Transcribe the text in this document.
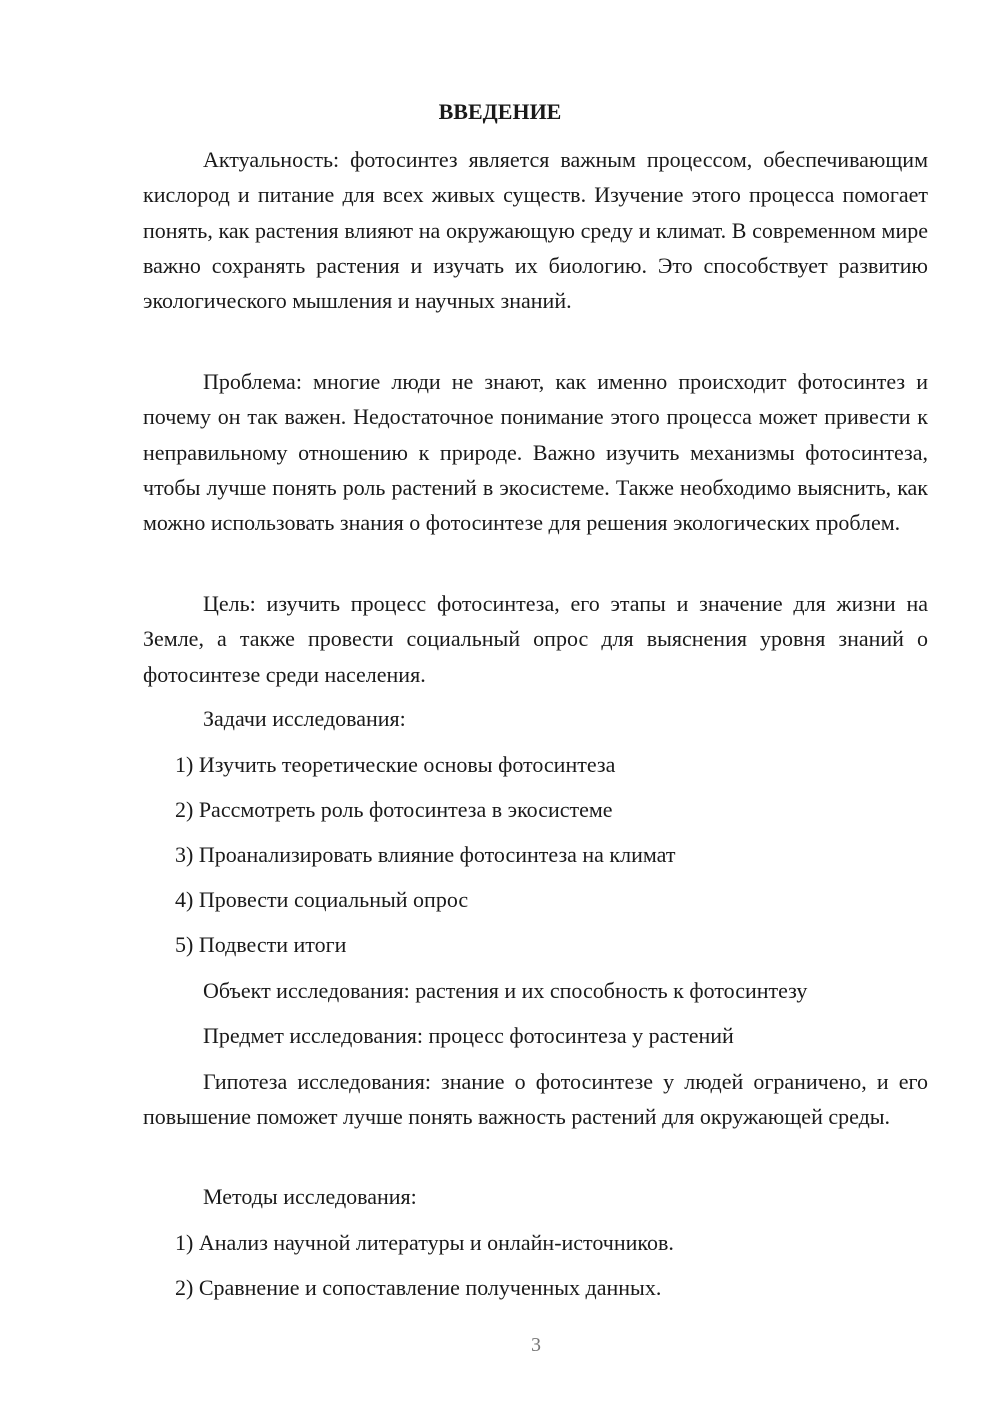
ВВЕДЕНИЕ

Актуальность: фотосинтез является важным процессом, обеспечивающим кислород и питание для всех живых существ. Изучение этого процесса помогает понять, как растения влияют на окружающую среду и климат. В современном мире важно сохранять растения и изучать их биологию. Это способствует развитию экологического мышления и научных знаний.

Проблема: многие люди не знают, как именно происходит фотосинтез и почему он так важен. Недостаточное понимание этого процесса может привести к неправильному отношению к природе. Важно изучить механизмы фотосинтеза, чтобы лучше понять роль растений в экосистеме. Также необходимо выяснить, как можно использовать знания о фотосинтезе для решения экологических проблем.

Цель: изучить процесс фотосинтеза, его этапы и значение для жизни на Земле, а также провести социальный опрос для выяснения уровня знаний о фотосинтезе среди населения.

Задачи исследования:

1) Изучить теоретические основы фотосинтеза

2) Рассмотреть роль фотосинтеза в экосистеме

3) Проанализировать влияние фотосинтеза на климат

4) Провести социальный опрос

5) Подвести итоги

Объект исследования: растения и их способность к фотосинтезу

Предмет исследования: процесс фотосинтеза у растений

Гипотеза исследования: знание о фотосинтезе у людей ограничено, и его повышение поможет лучше понять важность растений для окружающей среды.

Методы исследования:

1) Анализ научной литературы и онлайн-источников.

2) Сравнение и сопоставление полученных данных.

3
